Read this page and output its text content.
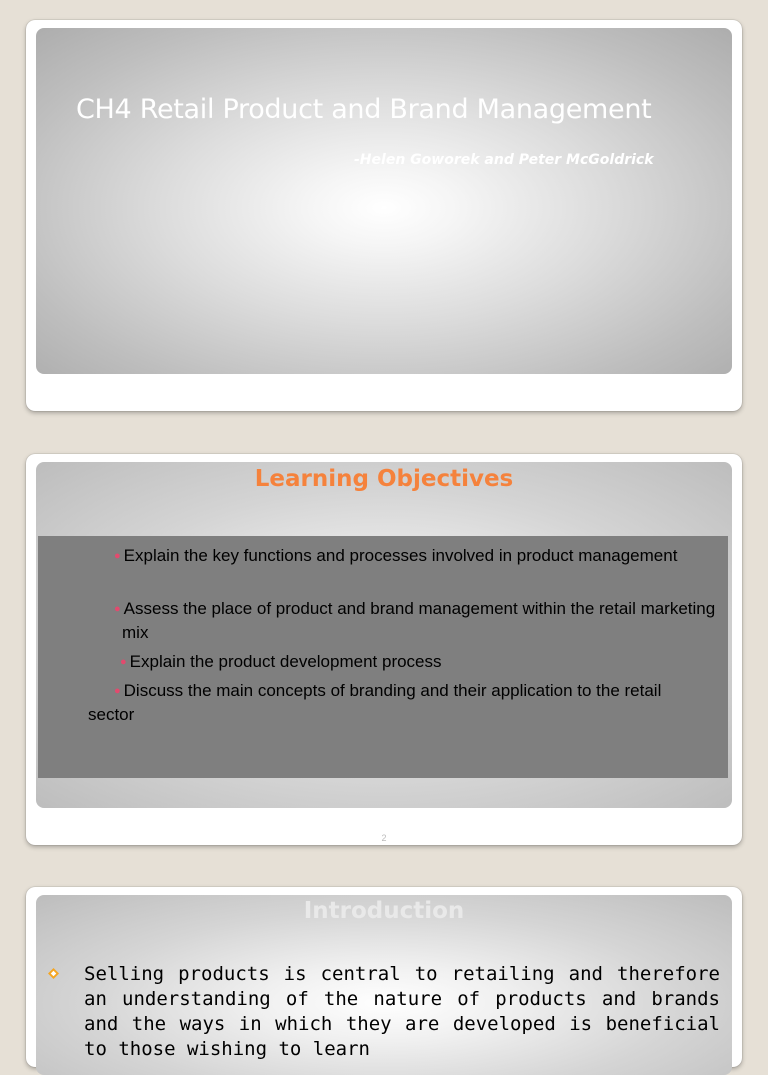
CH4 Retail Product and Brand Management
-Helen Goworek and Peter McGoldrick
Learning Objectives
● Explain the key functions and processes involved in product management
● Assess the place of product and brand management within the retail marketing mix
● Explain the product development process
● Discuss the main concepts of branding and their application to the retail sector
2
Introduction
Selling products is central to retailing and therefore an understanding of the nature of products and brands and the ways in which they are developed is beneficial to those wishing to learn
